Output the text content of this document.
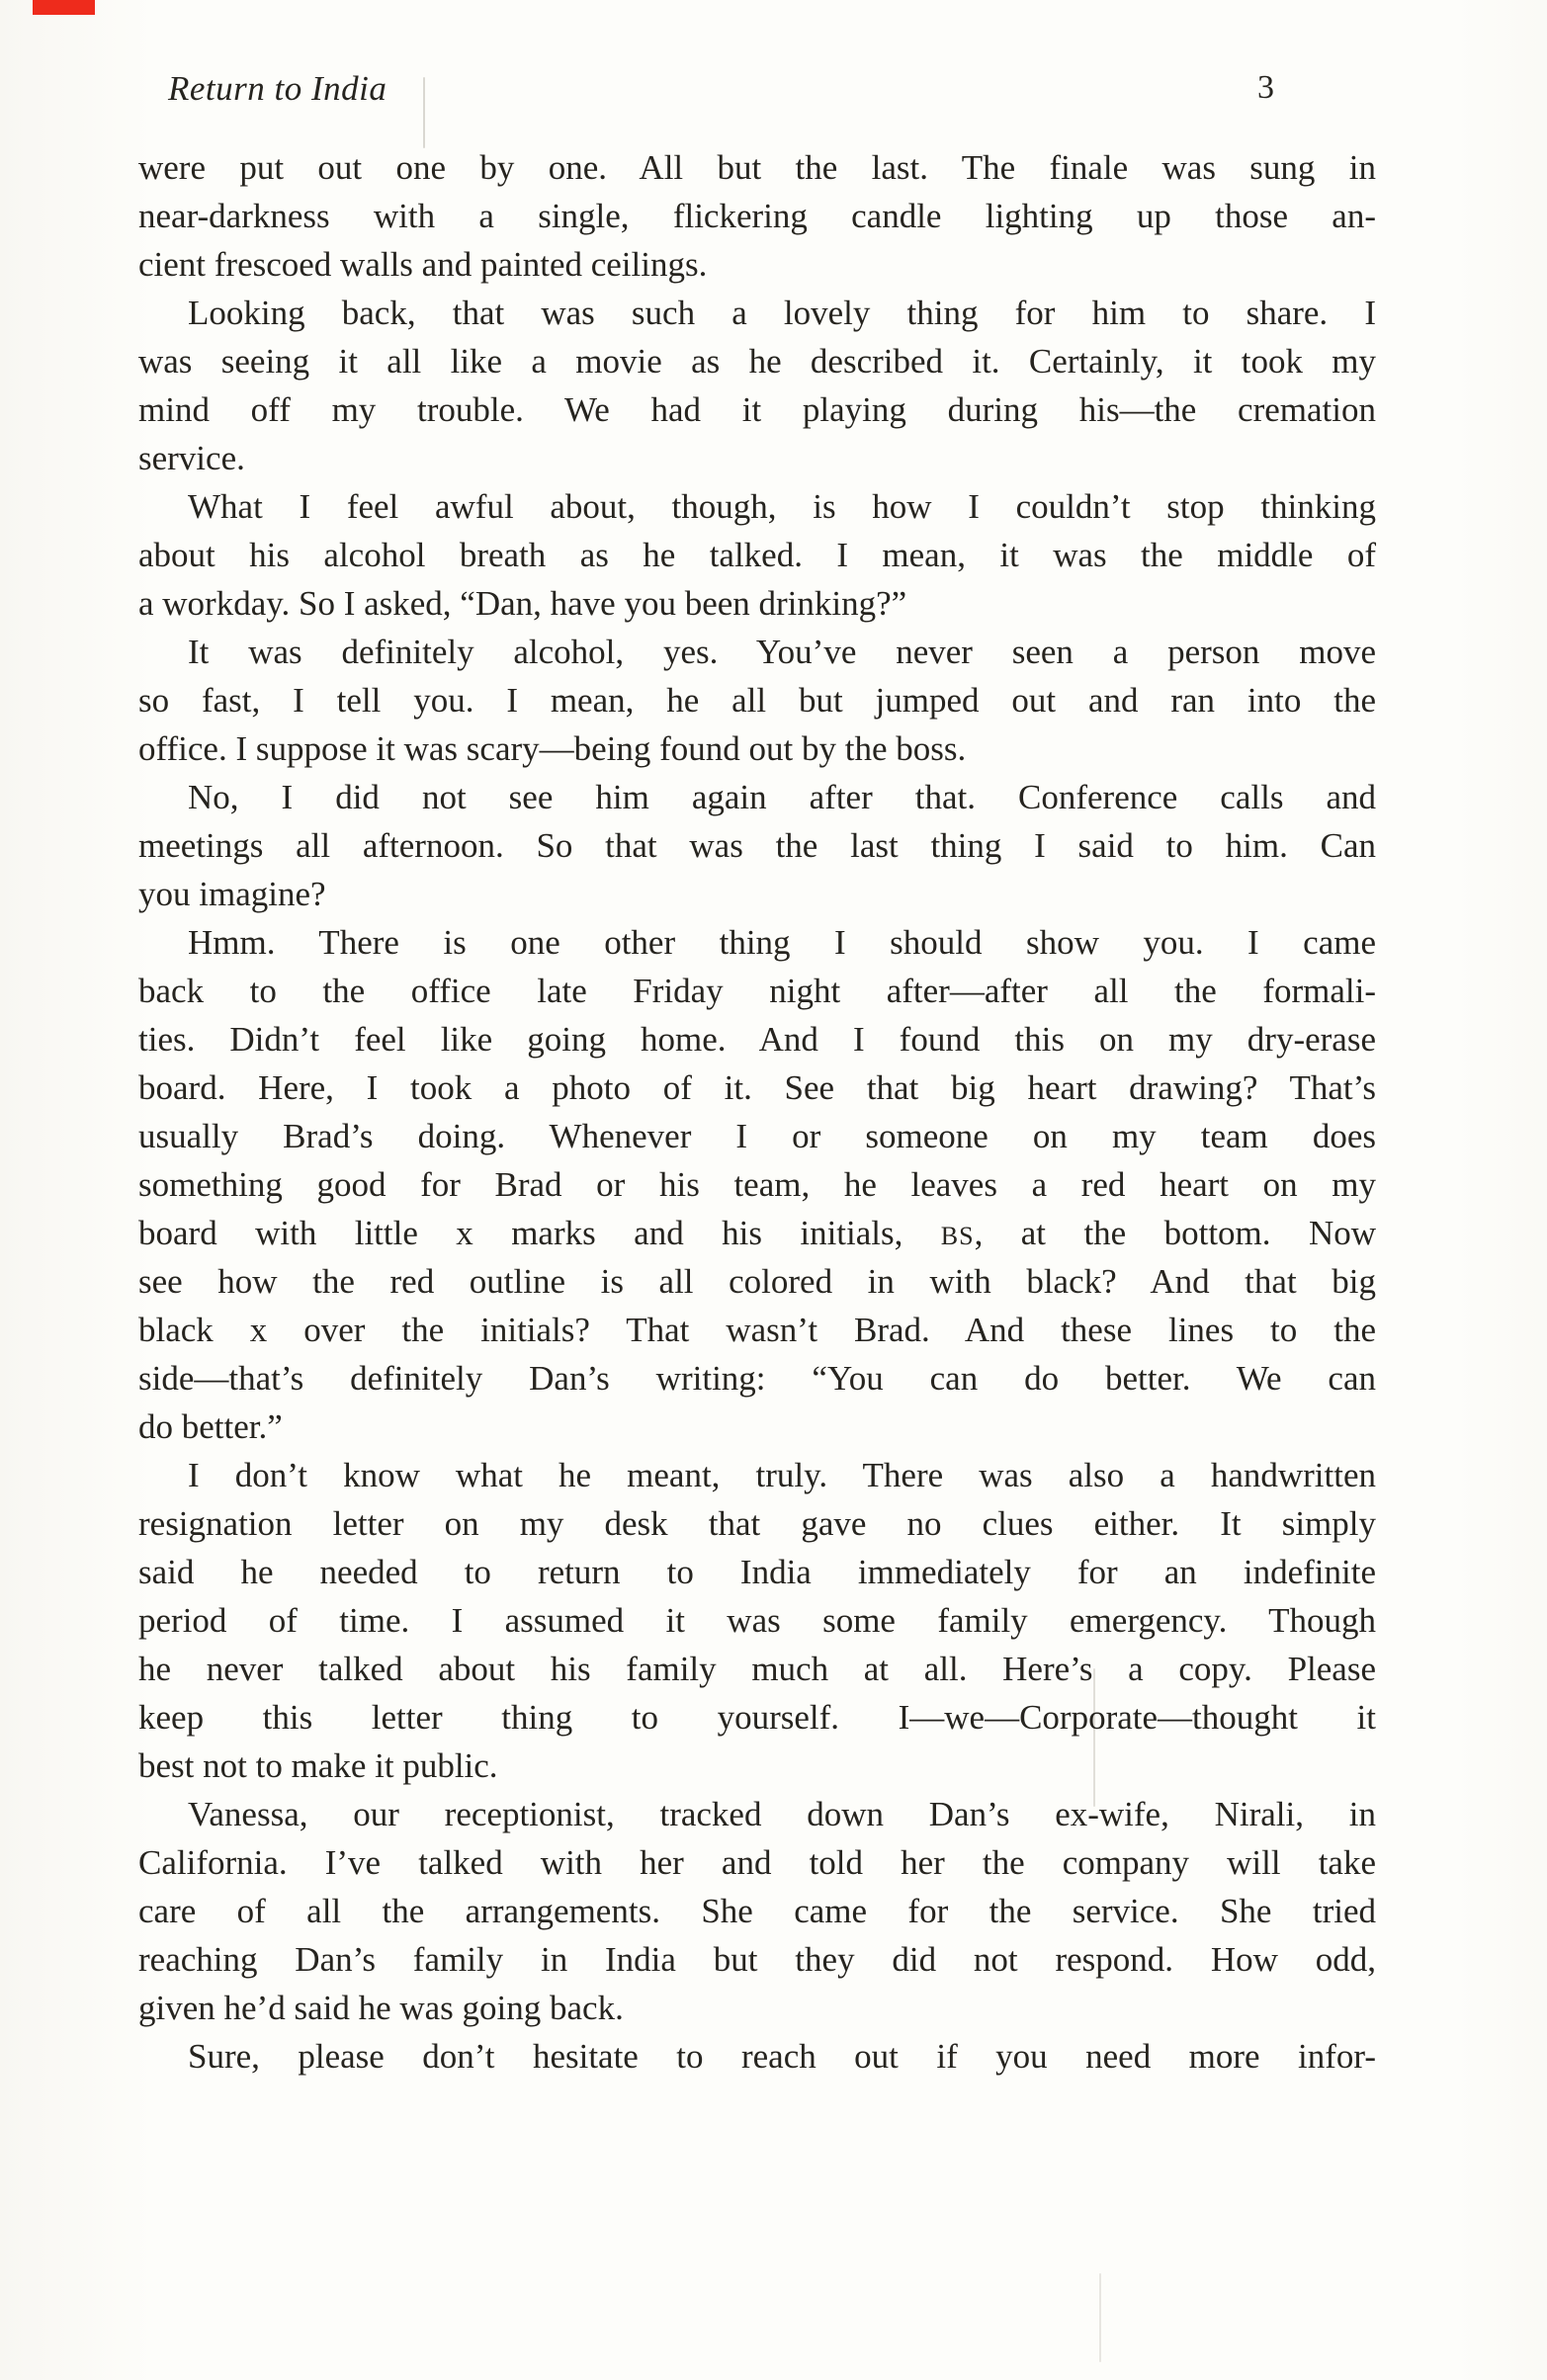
Return to India	3
were put out one by one. All but the last. The finale was sung in
near-darkness with a single, flickering candle lighting up those an-
cient frescoed walls and painted ceilings.
Looking back, that was such a lovely thing for him to share. I
was seeing it all like a movie as he described it. Certainly, it took my
mind off my trouble. We had it playing during his—the cremation
service.
What I feel awful about, though, is how I couldn’t stop thinking
about his alcohol breath as he talked. I mean, it was the middle of
a workday. So I asked, “Dan, have you been drinking?”
It was definitely alcohol, yes. You’ve never seen a person move
so fast, I tell you. I mean, he all but jumped out and ran into the
office. I suppose it was scary—being found out by the boss.
No, I did not see him again after that. Conference calls and
meetings all afternoon. So that was the last thing I said to him. Can
you imagine?
Hmm. There is one other thing I should show you. I came
back to the office late Friday night after—after all the formali-
ties. Didn’t feel like going home. And I found this on my dry-erase
board. Here, I took a photo of it. See that big heart drawing? That’s
usually Brad’s doing. Whenever I or someone on my team does
something good for Brad or his team, he leaves a red heart on my
board with little x marks and his initials, BS, at the bottom. Now
see how the red outline is all colored in with black? And that big
black x over the initials? That wasn’t Brad. And these lines to the
side—that’s definitely Dan’s writing: “You can do better. We can
do better.”
I don’t know what he meant, truly. There was also a handwritten
resignation letter on my desk that gave no clues either. It simply
said he needed to return to India immediately for an indefinite
period of time. I assumed it was some family emergency. Though
he never talked about his family much at all. Here’s a copy. Please
keep this letter thing to yourself. I—we—Corporate—thought it
best not to make it public.
Vanessa, our receptionist, tracked down Dan’s ex-wife, Nirali, in
California. I’ve talked with her and told her the company will take
care of all the arrangements. She came for the service. She tried
reaching Dan’s family in India but they did not respond. How odd,
given he’d said he was going back.
Sure, please don’t hesitate to reach out if you need more infor-
